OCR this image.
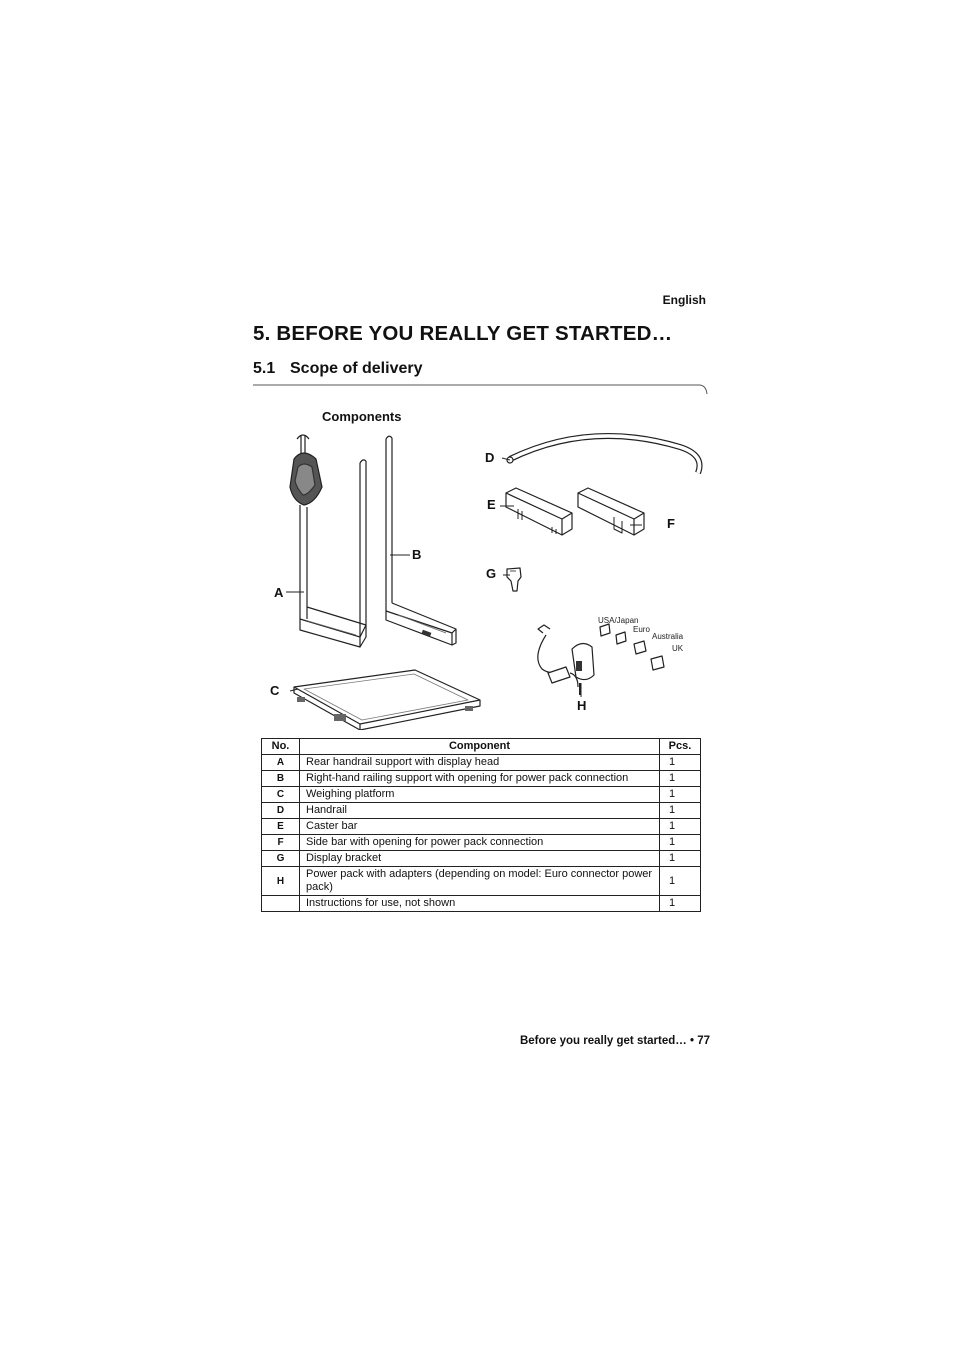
English
5. BEFORE YOU REALLY GET STARTED…
5.1 Scope of delivery
Components
A
B
C
D
E
F
G
H
USA/Japan
Euro
Australia
UK
No.	Component	Pcs.
A	Rear handrail support with display head	1
B	Right-hand railing support with opening for power pack connection	1
C	Weighing platform	1
D	Handrail	1
E	Caster bar	1
F	Side bar with opening for power pack connection	1
G	Display bracket	1
H	Power pack with adapters (depending on model: Euro connector power pack)	1
	Instructions for use, not shown	1
Before you really get started… • 77
